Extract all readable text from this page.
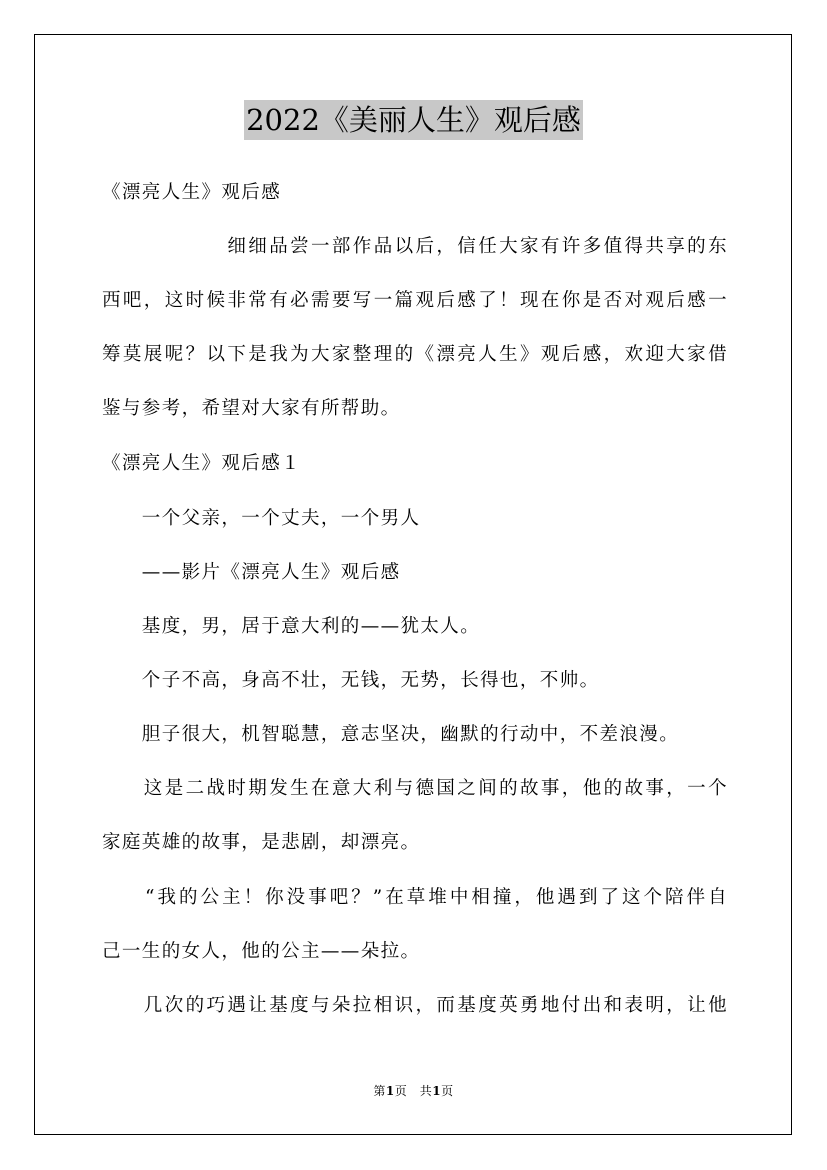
2022《美丽人生》观后感
《漂亮人生》观后感
　　　　　　细细品尝一部作品以后，信任大家有许多值得共享的东
西吧，这时候非常有必需要写一篇观后感了！现在你是否对观后感一
筹莫展呢？以下是我为大家整理的《漂亮人生》观后感，欢迎大家借
鉴与参考，希望对大家有所帮助。
《漂亮人生》观后感１
　　一个父亲，一个丈夫，一个男人
　　——影片《漂亮人生》观后感
　　基度，男，居于意大利的——犹太人。
　　个子不高，身高不壮，无钱，无势，长得也，不帅。
　　胆子很大，机智聪慧，意志坚决，幽默的行动中，不差浪漫。
　　这是二战时期发生在意大利与德国之间的故事，他的故事，一个
家庭英雄的故事，是悲剧，却漂亮。
　　“我的公主！你没事吧？”在草堆中相撞，他遇到了这个陪伴自
己一生的女人，他的公主——朵拉。
　　几次的巧遇让基度与朵拉相识，而基度英勇地付出和表明，让他
第1页　共1页
